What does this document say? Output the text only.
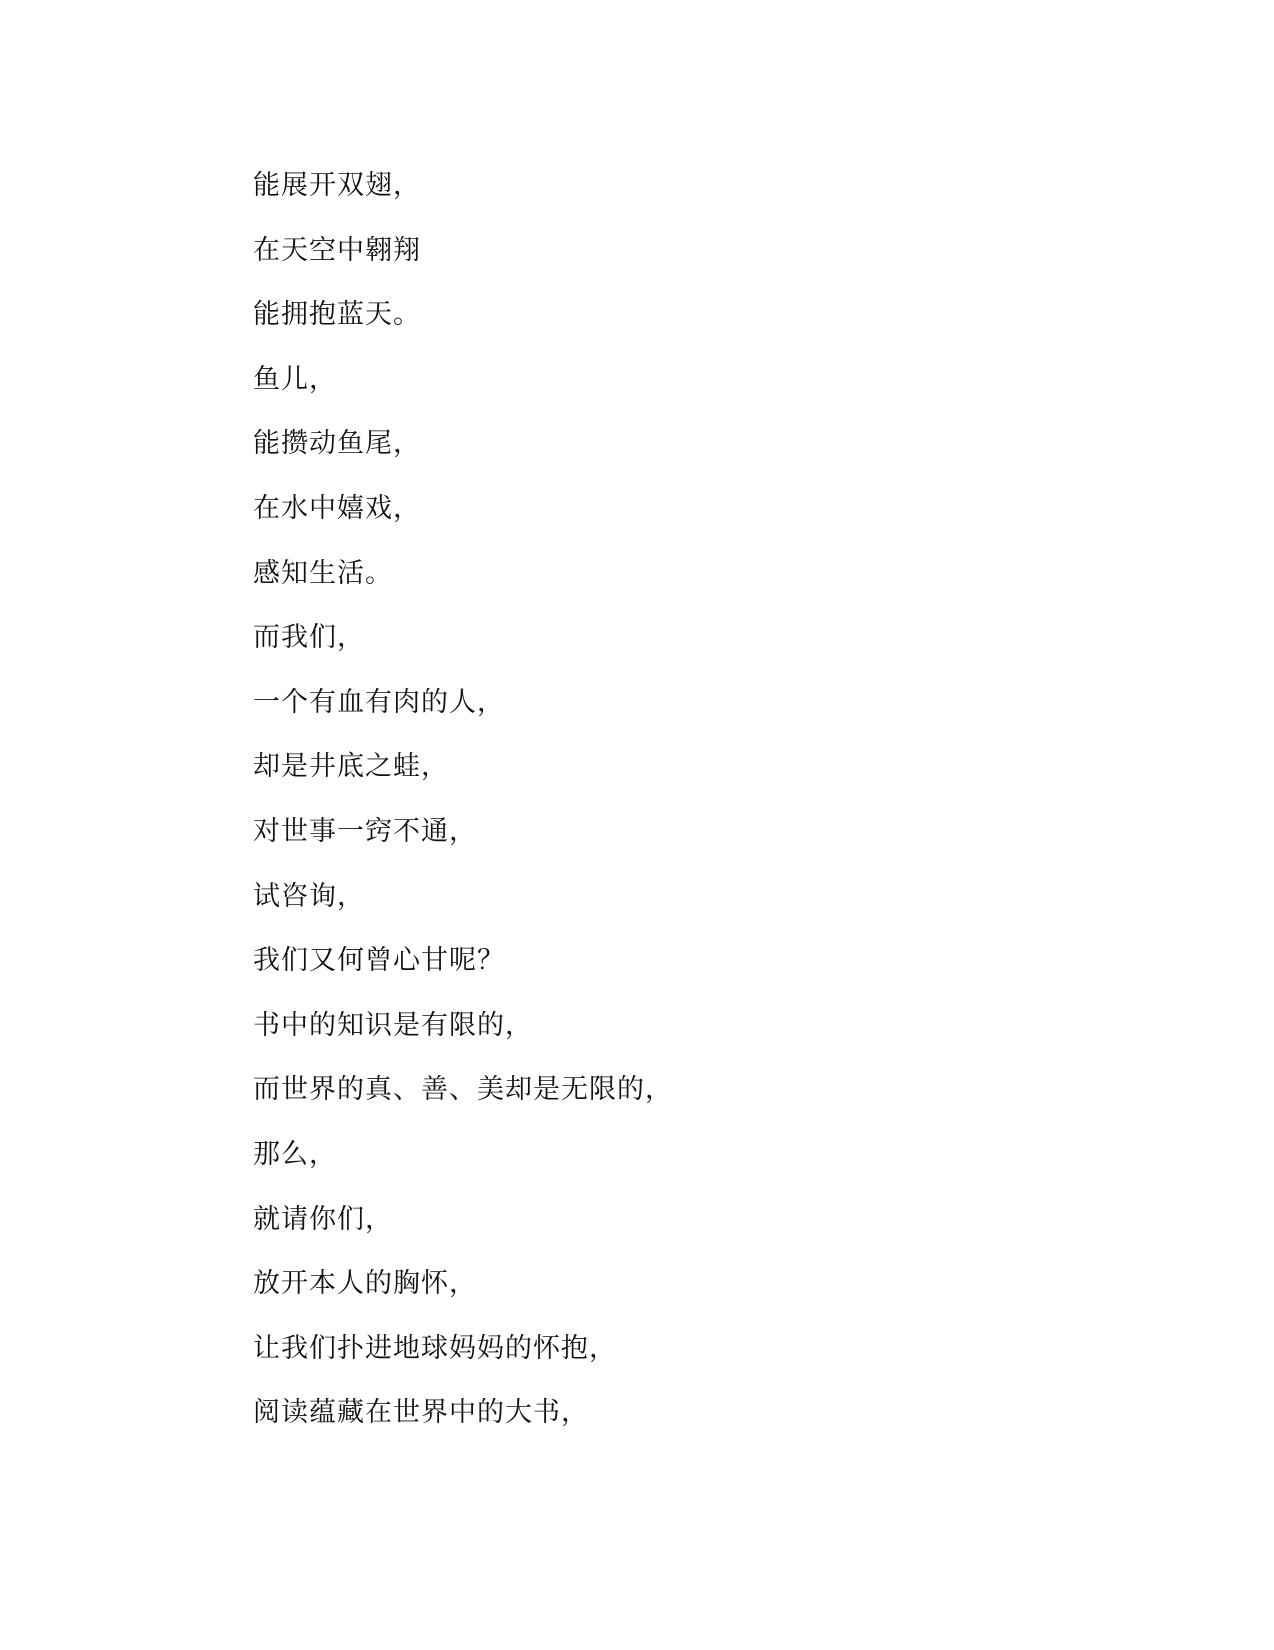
能展开双翅，
在天空中翱翔
能拥抱蓝天。
鱼儿，
能攒动鱼尾，
在水中嬉戏，
感知生活。
而我们，
一个有血有肉的人，
却是井底之蛙，
对世事一窍不通，
试咨询，
我们又何曾心甘呢？
书中的知识是有限的，
而世界的真、善、美却是无限的，
那么，
就请你们，
放开本人的胸怀，
让我们扑进地球妈妈的怀抱，
阅读蕴藏在世界中的大书，
